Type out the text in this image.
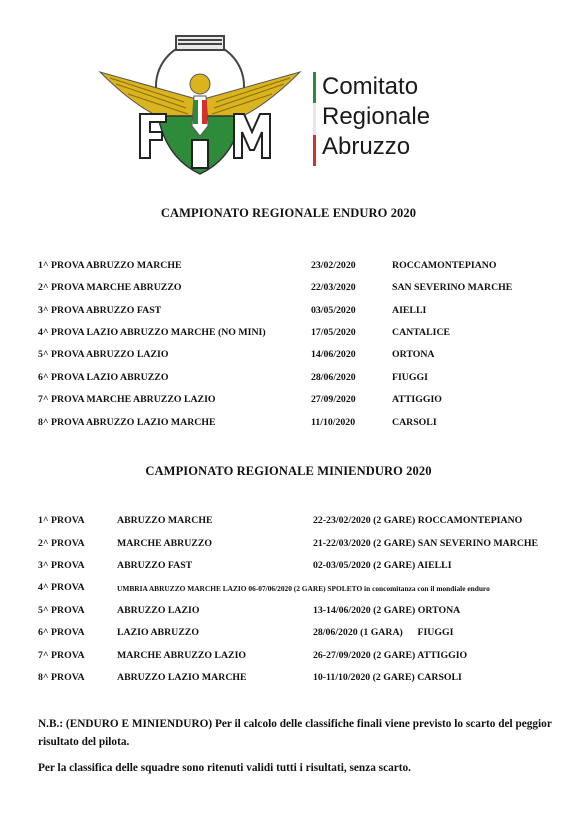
Comitato
Regionale
Abruzzo
CAMPIONATO REGIONALE ENDURO 2020
1^ PROVA ABRUZZO MARCHE	23/02/2020	ROCCAMONTEPIANO
2^ PROVA MARCHE ABRUZZO	22/03/2020	SAN SEVERINO MARCHE
3^ PROVA ABRUZZO FAST	03/05/2020	AIELLI
4^ PROVA LAZIO ABRUZZO MARCHE (NO MINI)	17/05/2020	CANTALICE
5^ PROVA ABRUZZO LAZIO	14/06/2020	ORTONA
6^ PROVA LAZIO ABRUZZO	28/06/2020	FIUGGI
7^ PROVA MARCHE ABRUZZO LAZIO	27/09/2020	ATTIGGIO
8^ PROVA ABRUZZO LAZIO MARCHE	11/10/2020	CARSOLI
CAMPIONATO REGIONALE MINIENDURO 2020
1^ PROVA	ABRUZZO MARCHE	22-23/02/2020 (2 GARE) ROCCAMONTEPIANO
2^ PROVA	MARCHE ABRUZZO	21-22/03/2020 (2 GARE) SAN SEVERINO MARCHE
3^ PROVA	ABRUZZO FAST	02-03/05/2020 (2 GARE) AIELLI
4^ PROVA	UMBRIA ABRUZZO MARCHE LAZIO 06-07/06/2020 (2 GARE) SPOLETO in concomitanza con il mondiale enduro
5^ PROVA	ABRUZZO LAZIO	13-14/06/2020 (2 GARE) ORTONA
6^ PROVA	LAZIO ABRUZZO	28/06/2020 (1 GARA)      FIUGGI
7^ PROVA	MARCHE ABRUZZO LAZIO	26-27/09/2020 (2 GARE) ATTIGGIO
8^ PROVA	ABRUZZO LAZIO MARCHE	10-11/10/2020 (2 GARE) CARSOLI

N.B.: (ENDURO E MINIENDURO) Per il calcolo delle classifiche finali viene previsto lo scarto del peggior risultato del pilota.

Per la classifica delle squadre sono ritenuti validi tutti i risultati, senza scarto.
